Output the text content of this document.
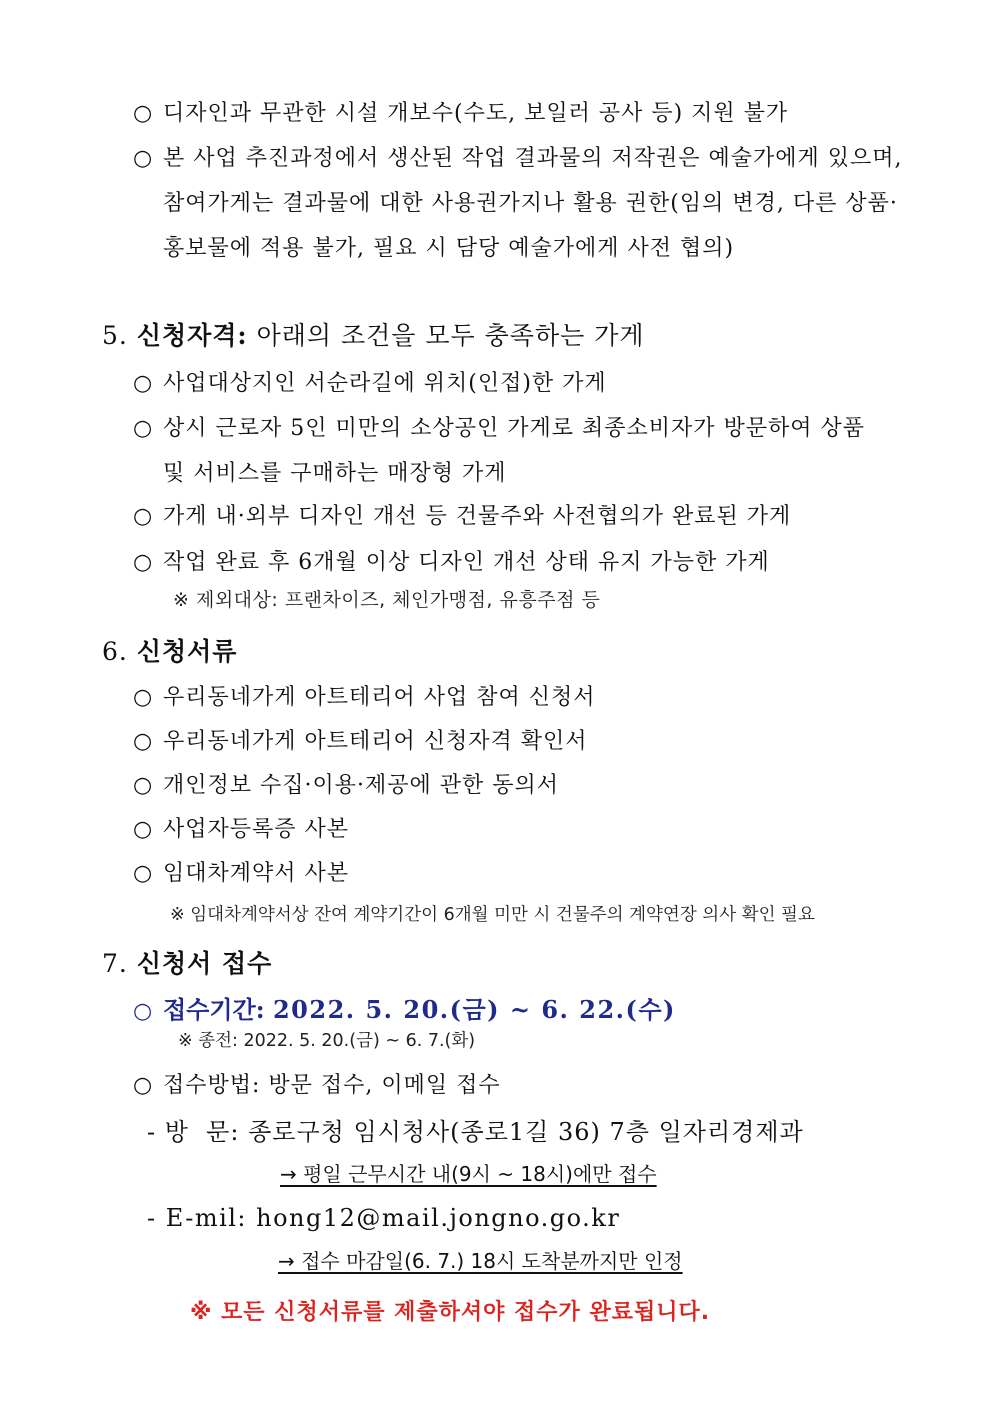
○ 디자인과 무관한 시설 개보수(수도, 보일러 공사 등) 지원 불가
○ 본 사업 추진과정에서 생산된 작업 결과물의 저작권은 예술가에게 있으며,
참여가게는 결과물에 대한 사용권가지나 활용 권한(임의 변경, 다른 상품·
홍보물에 적용 불가, 필요 시 담당 예술가에게 사전 협의)
5. 신청자격: 아래의 조건을 모두 충족하는 가게
○ 사업대상지인 서순라길에 위치(인접)한 가게
○ 상시 근로자 5인 미만의 소상공인 가게로 최종소비자가 방문하여 상품
및 서비스를 구매하는 매장형 가게
○ 가게 내·외부 디자인 개선 등 건물주와 사전협의가 완료된 가게
○ 작업 완료 후 6개월 이상 디자인 개선 상태 유지 가능한 가게
※ 제외대상: 프랜차이즈, 체인가맹점, 유흥주점 등
6. 신청서류
○ 우리동네가게 아트테리어 사업 참여 신청서
○ 우리동네가게 아트테리어 신청자격 확인서
○ 개인정보 수집·이용·제공에 관한 동의서
○ 사업자등록증 사본
○ 임대차계약서 사본
※ 임대차계약서상 잔여 계약기간이 6개월 미만 시 건물주의 계약연장 의사 확인 필요
7. 신청서 접수
○ 접수기간: 2022. 5. 20.(금) ~ 6. 22.(수)
※ 종전: 2022. 5. 20.(금) ~ 6. 7.(화)
○ 접수방법: 방문 접수, 이메일 접수
- 방  문: 종로구청 임시청사(종로1길 36) 7층 일자리경제과
→ 평일 근무시간 내(9시 ~ 18시)에만 접수
- E-mil: hong12@mail.jongno.go.kr
→ 접수 마감일(6. 7.) 18시 도착분까지만 인정
※ 모든 신청서류를 제출하셔야 접수가 완료됩니다.
